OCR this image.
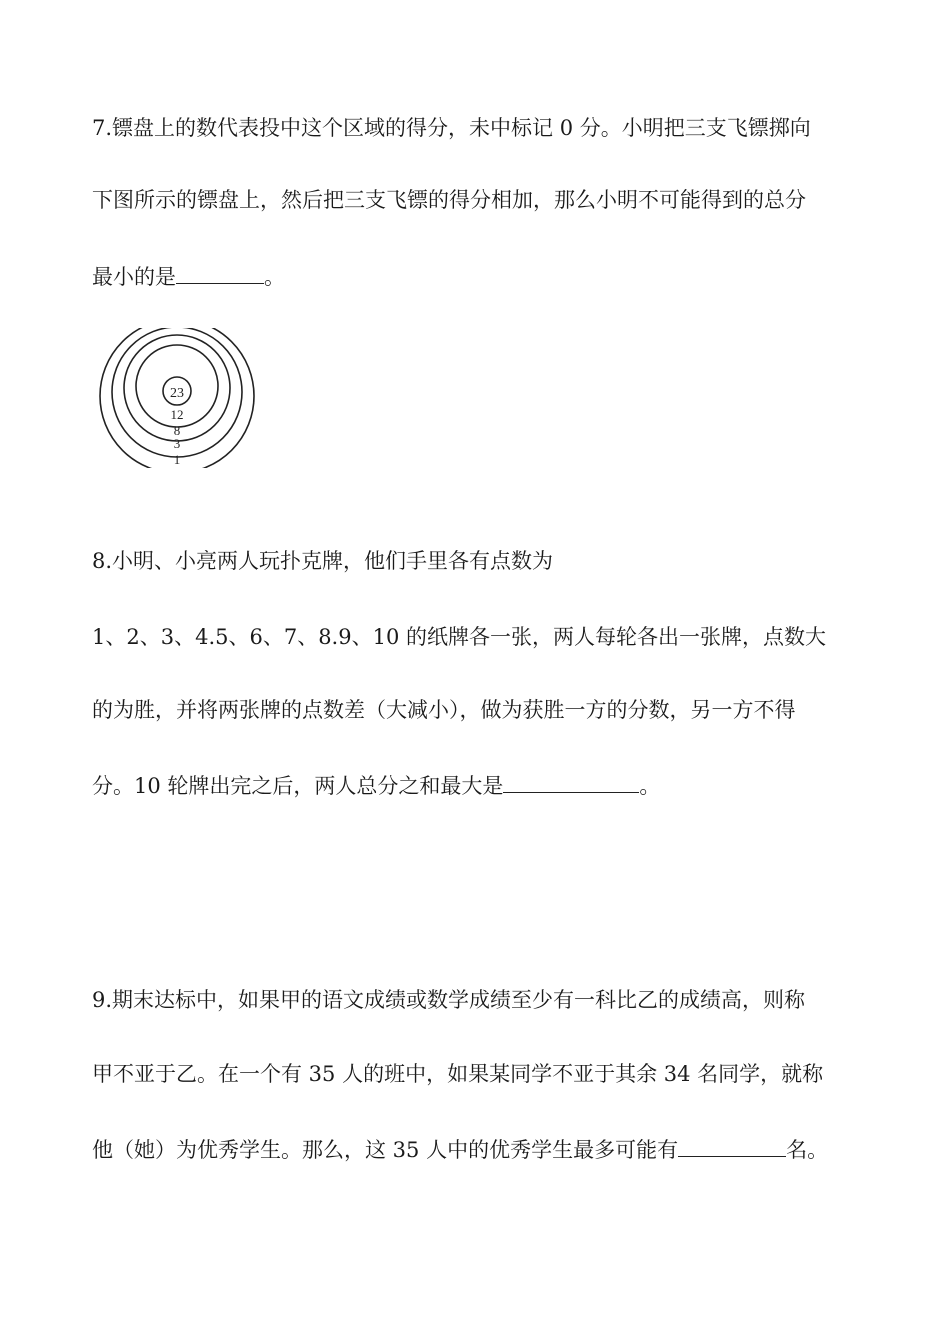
7.镖盘上的数代表投中这个区域的得分，未中标记 0 分。小明把三支飞镖掷向

下图所示的镖盘上，然后把三支飞镖的得分相加，那么小明不可能得到的总分

最小的是	。

23
12
8
3
1

8.小明、小亮两人玩扑克牌，他们手里各有点数为

1、2、3、4.5、6、7、8.9、10 的纸牌各一张，两人每轮各出一张牌，点数大

的为胜，并将两张牌的点数差（大减小），做为获胜一方的分数，另一方不得

分。10 轮牌出完之后，两人总分之和最大是	。

9.期末达标中，如果甲的语文成绩或数学成绩至少有一科比乙的成绩高，则称

甲不亚于乙。在一个有 35 人的班中，如果某同学不亚于其余 34 名同学，就称

他（她）为优秀学生。那么，这 35 人中的优秀学生最多可能有	名。
